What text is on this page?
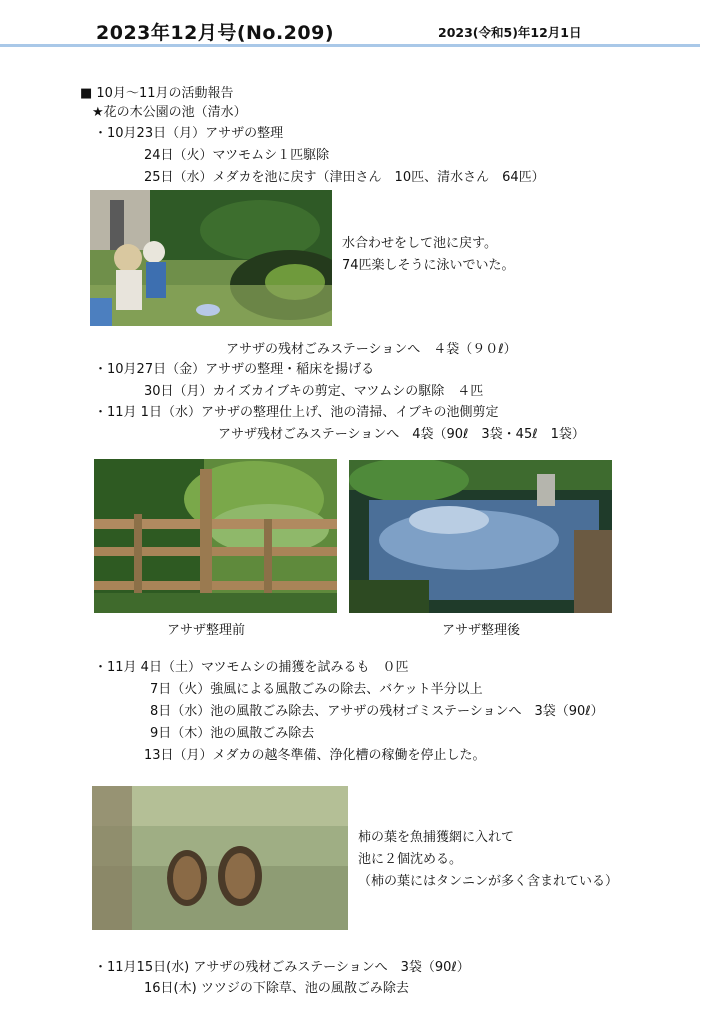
2023年12月号(No.209)	2023(令和5)年12月1日
■ 10月～11月の活動報告
★花の木公園の池（清水）
・10月23日（月）アサザの整理
24日（火）マツモムシ１匹駆除
25日（水）メダカを池に戻す（津田さん　10匹、清水さん　64匹）
水合わせをして池に戻す。
74匹楽しそうに泳いでいた。
アサザの残材ごみステーションへ　４袋（９０ℓ）
・10月27日（金）アサザの整理・稲床を揚げる
30日（月）カイズカイブキの剪定、マツムシの駆除　４匹
・11月 1日（水）アサザの整理仕上げ、池の清掃、イブキの池側剪定
アサザ残材ごみステーションへ　4袋（90ℓ　3袋・45ℓ　1袋）
アサザ整理前	アサザ整理後
・11月 4日（土）マツモムシの捕獲を試みるも　０匹
7日（火）強風による風散ごみの除去、バケット半分以上
8日（水）池の風散ごみ除去、アサザの残材ゴミステーションへ　3袋（90ℓ）
9日（木）池の風散ごみ除去
13日（月）メダカの越冬準備、浄化槽の稼働を停止した。
柿の葉を魚捕獲網に入れて
池に２個沈める。
（柿の葉にはタンニンが多く含まれている）
・11月15日(水) アサザの残材ごみステーションへ　3袋（90ℓ）
16日(木) ツツジの下除草、池の風散ごみ除去
